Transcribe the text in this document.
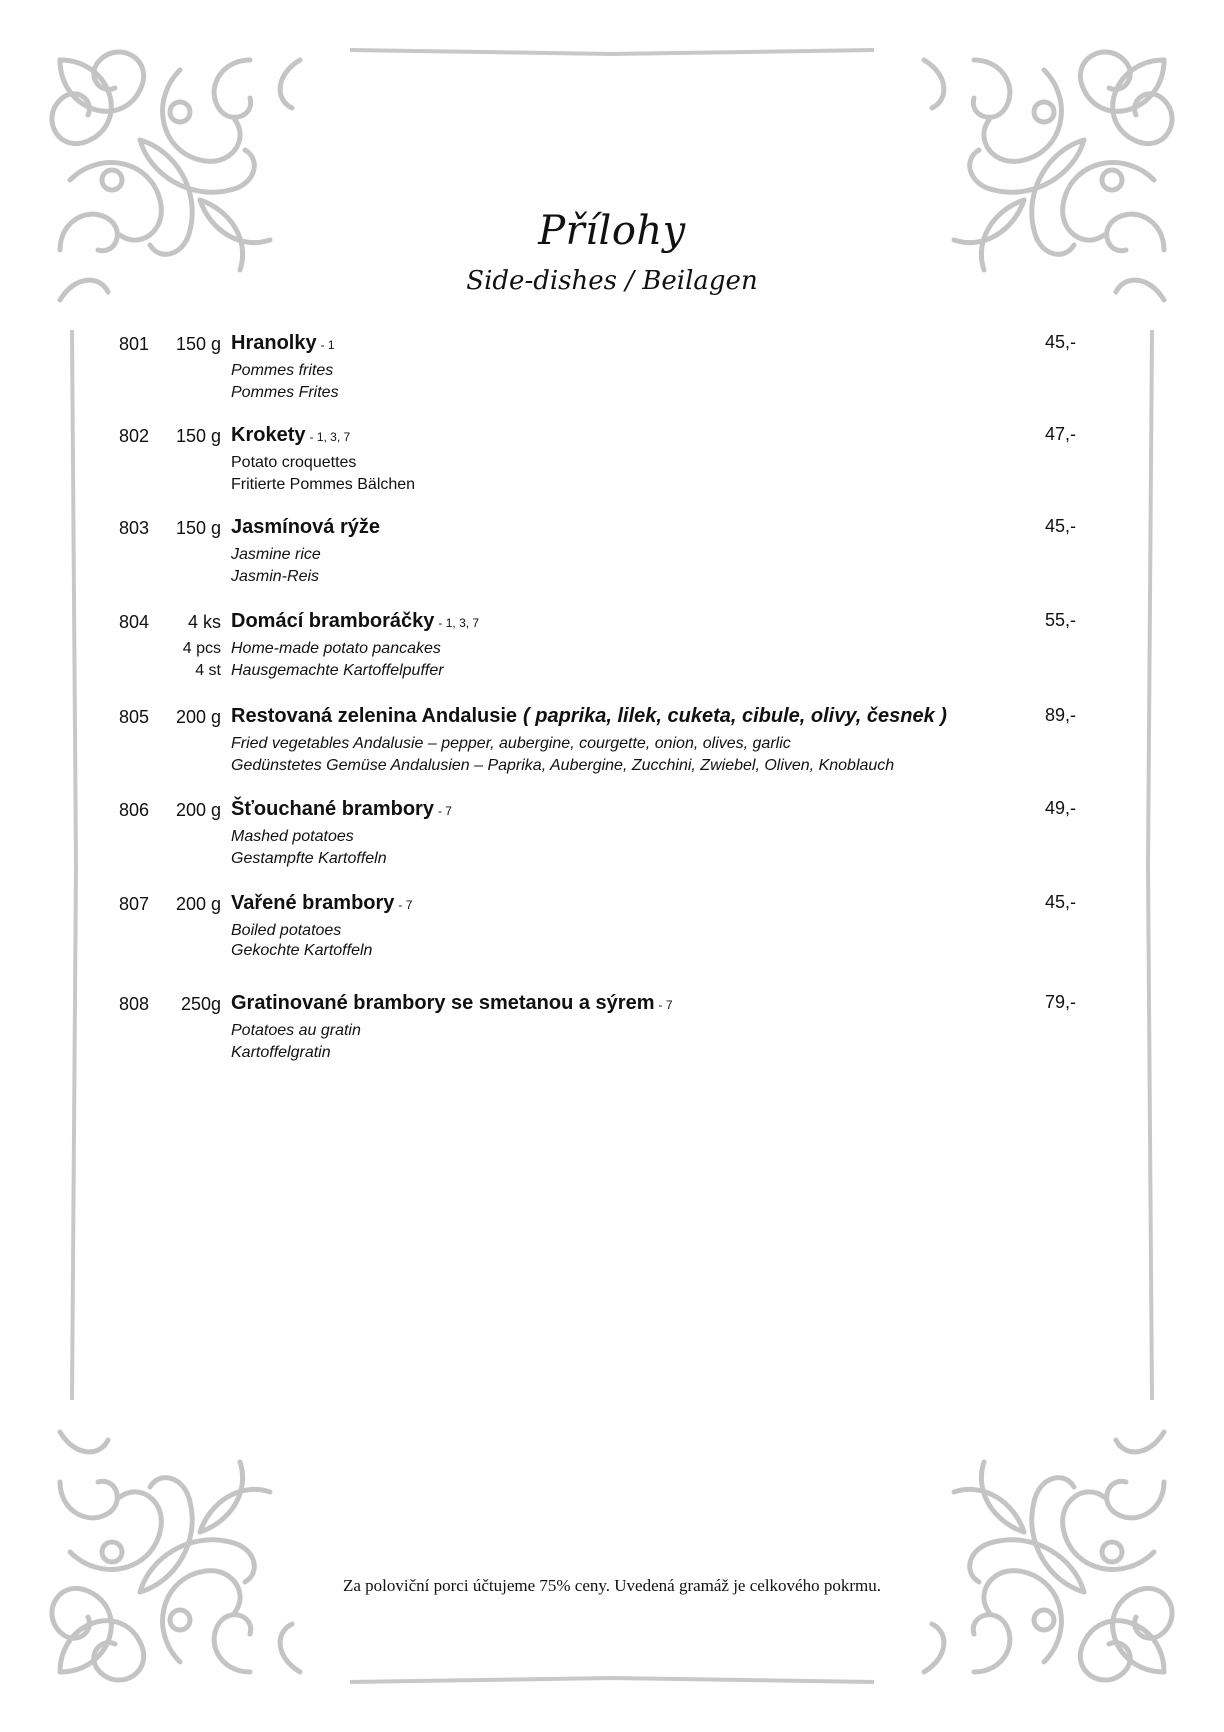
Přílohy
Side-dishes / Beilagen
801 150 g Hranolky - 1
Pommes frites
Pommes Frites
45,-
802 150 g Krokety - 1, 3, 7
Potato croquettes
Fritierte Pommes Bälchen
47,-
803 150 g Jasmínová rýže
Jasmine rice
Jasmin-Reis
45,-
804 4 ks
4 pcs
4 st
Domácí bramboráčky - 1, 3, 7
Home-made potato pancakes
Hausgemachte Kartoffelpuffer
55,-
805 200 g Restovaná zelenina Andalusie ( paprika, lilek, cuketa, cibule, olivy, česnek )
Fried vegetables Andalusie – pepper, aubergine, courgette, onion, olives, garlic
Gedünstetes Gemüse Andalusien – Paprika, Aubergine, Zucchini, Zwiebel, Oliven, Knoblauch
89,-
806 200 g Šťouchané brambory - 7
Mashed potatoes
Gestampfte Kartoffeln
49,-
807 200 g Vařené brambory - 7
Boiled potatoes
Gekochte Kartoffeln
45,-
808 250g Gratinované brambory se smetanou a sýrem - 7
Potatoes au gratin
Kartoffelgratin
79,-
Za poloviční porci účtujeme 75% ceny. Uvedená gramáž je celkového pokrmu.
